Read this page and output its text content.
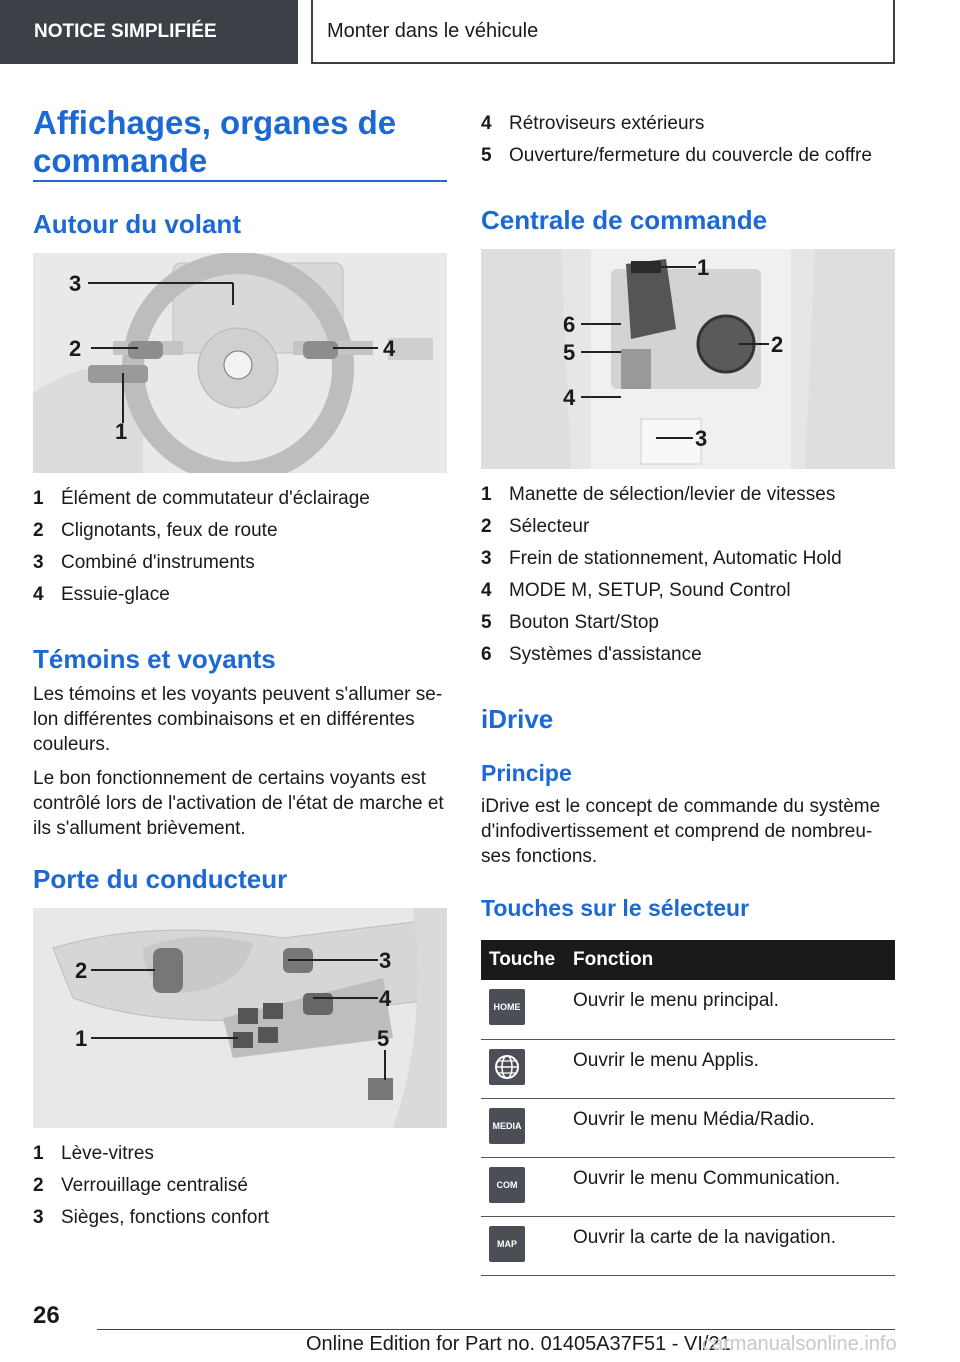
NOTICE SIMPLIFIÉE	Monter dans le véhicule
Affichages, organes de commande
Autour du volant
3
2	4
1
1 Élément de commutateur d'éclairage
2 Clignotants, feux de route
3 Combiné d'instruments
4 Essuie-glace
Témoins et voyants

Les témoins et les voyants peuvent s'allumer se-lon différentes combinaisons et en différentes couleurs.

Le bon fonctionnement de certains voyants est contrôlé lors de l'activation de l'état de marche et ils s'allument brièvement.

Porte du conducteur
2	3
4
1	5
1 Lève-vitres
2 Verrouillage centralisé
3 Sièges, fonctions confort
4 Rétroviseurs extérieurs
5 Ouverture/fermeture du couvercle de coffre
Centrale de commande
1
2
3
4
5
6
1 Manette de sélection/levier de vitesses
2 Sélecteur
3 Frein de stationnement, Automatic Hold
4 MODE M, SETUP, Sound Control
5 Bouton Start/Stop
6 Systèmes d'assistance
iDrive
Principe

iDrive est le concept de commande du système d'infodivertissement et comprend de nombreu-ses fonctions.

Touches sur le sélecteur
Touche	Fonction

HOME	Ouvrir le menu principal.

	Ouvrir le menu Applis.

MEDIA	Ouvrir le menu Média/Radio.

COM	Ouvrir le menu Communication.

MAP	Ouvrir la carte de la navigation.
26
Online Edition for Part no. 01405A37F51 - VI/21
carmanualsonline.info
